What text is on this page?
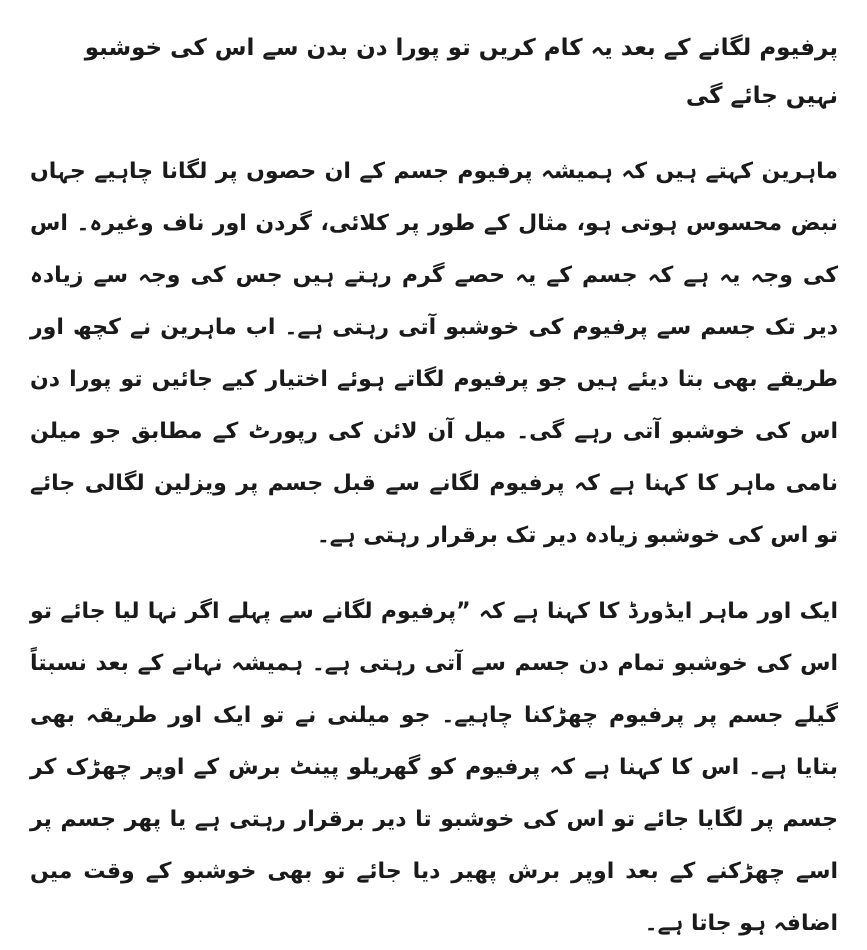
پرفیوم لگانے کے بعد یہ کام کریں تو پورا دن بدن سے اس کی خوشبو نہیں جائے گی

ماہرین کہتے ہیں کہ ہمیشہ پرفیوم جسم کے ان حصوں پر لگانا چاہیے جہاں نبض محسوس ہوتی ہو، مثال کے طور پر کلائی، گردن اور ناف وغیرہ۔ اس کی وجہ یہ ہے کہ جسم کے یہ حصے گرم رہتے ہیں جس کی وجہ سے زیادہ دیر تک جسم سے پرفیوم کی خوشبو آتی رہتی ہے۔ اب ماہرین نے کچھ اور طریقے بھی بتا دیئے ہیں جو پرفیوم لگاتے ہوئے اختیار کیے جائیں تو پورا دن اس کی خوشبو آتی رہے گی۔ میل آن لائن کی رپورٹ کے مطابق جو میلن نامی ماہر کا کہنا ہے کہ پرفیوم لگانے سے قبل جسم پر ویزلین لگالی جائے تو اس کی خوشبو زیادہ دیر تک برقرار رہتی ہے۔

ایک اور ماہر ایڈورڈ کا کہنا ہے کہ ”پرفیوم لگانے سے پہلے اگر نہا لیا جائے تو اس کی خوشبو تمام دن جسم سے آتی رہتی ہے۔ ہمیشہ نہانے کے بعد نسبتاً گیلے جسم پر پرفیوم چھڑکنا چاہیے۔ جو میلنی نے تو ایک اور طریقہ بھی بتایا ہے۔ اس کا کہنا ہے کہ پرفیوم کو گھریلو پینٹ برش کے اوپر چھڑک کر جسم پر لگایا جائے تو اس کی خوشبو تا دیر برقرار رہتی ہے یا پھر جسم پر اسے چھڑکنے کے بعد اوپر برش پھیر دیا جائے تو بھی خوشبو کے وقت میں اضافہ ہو جاتا ہے۔
